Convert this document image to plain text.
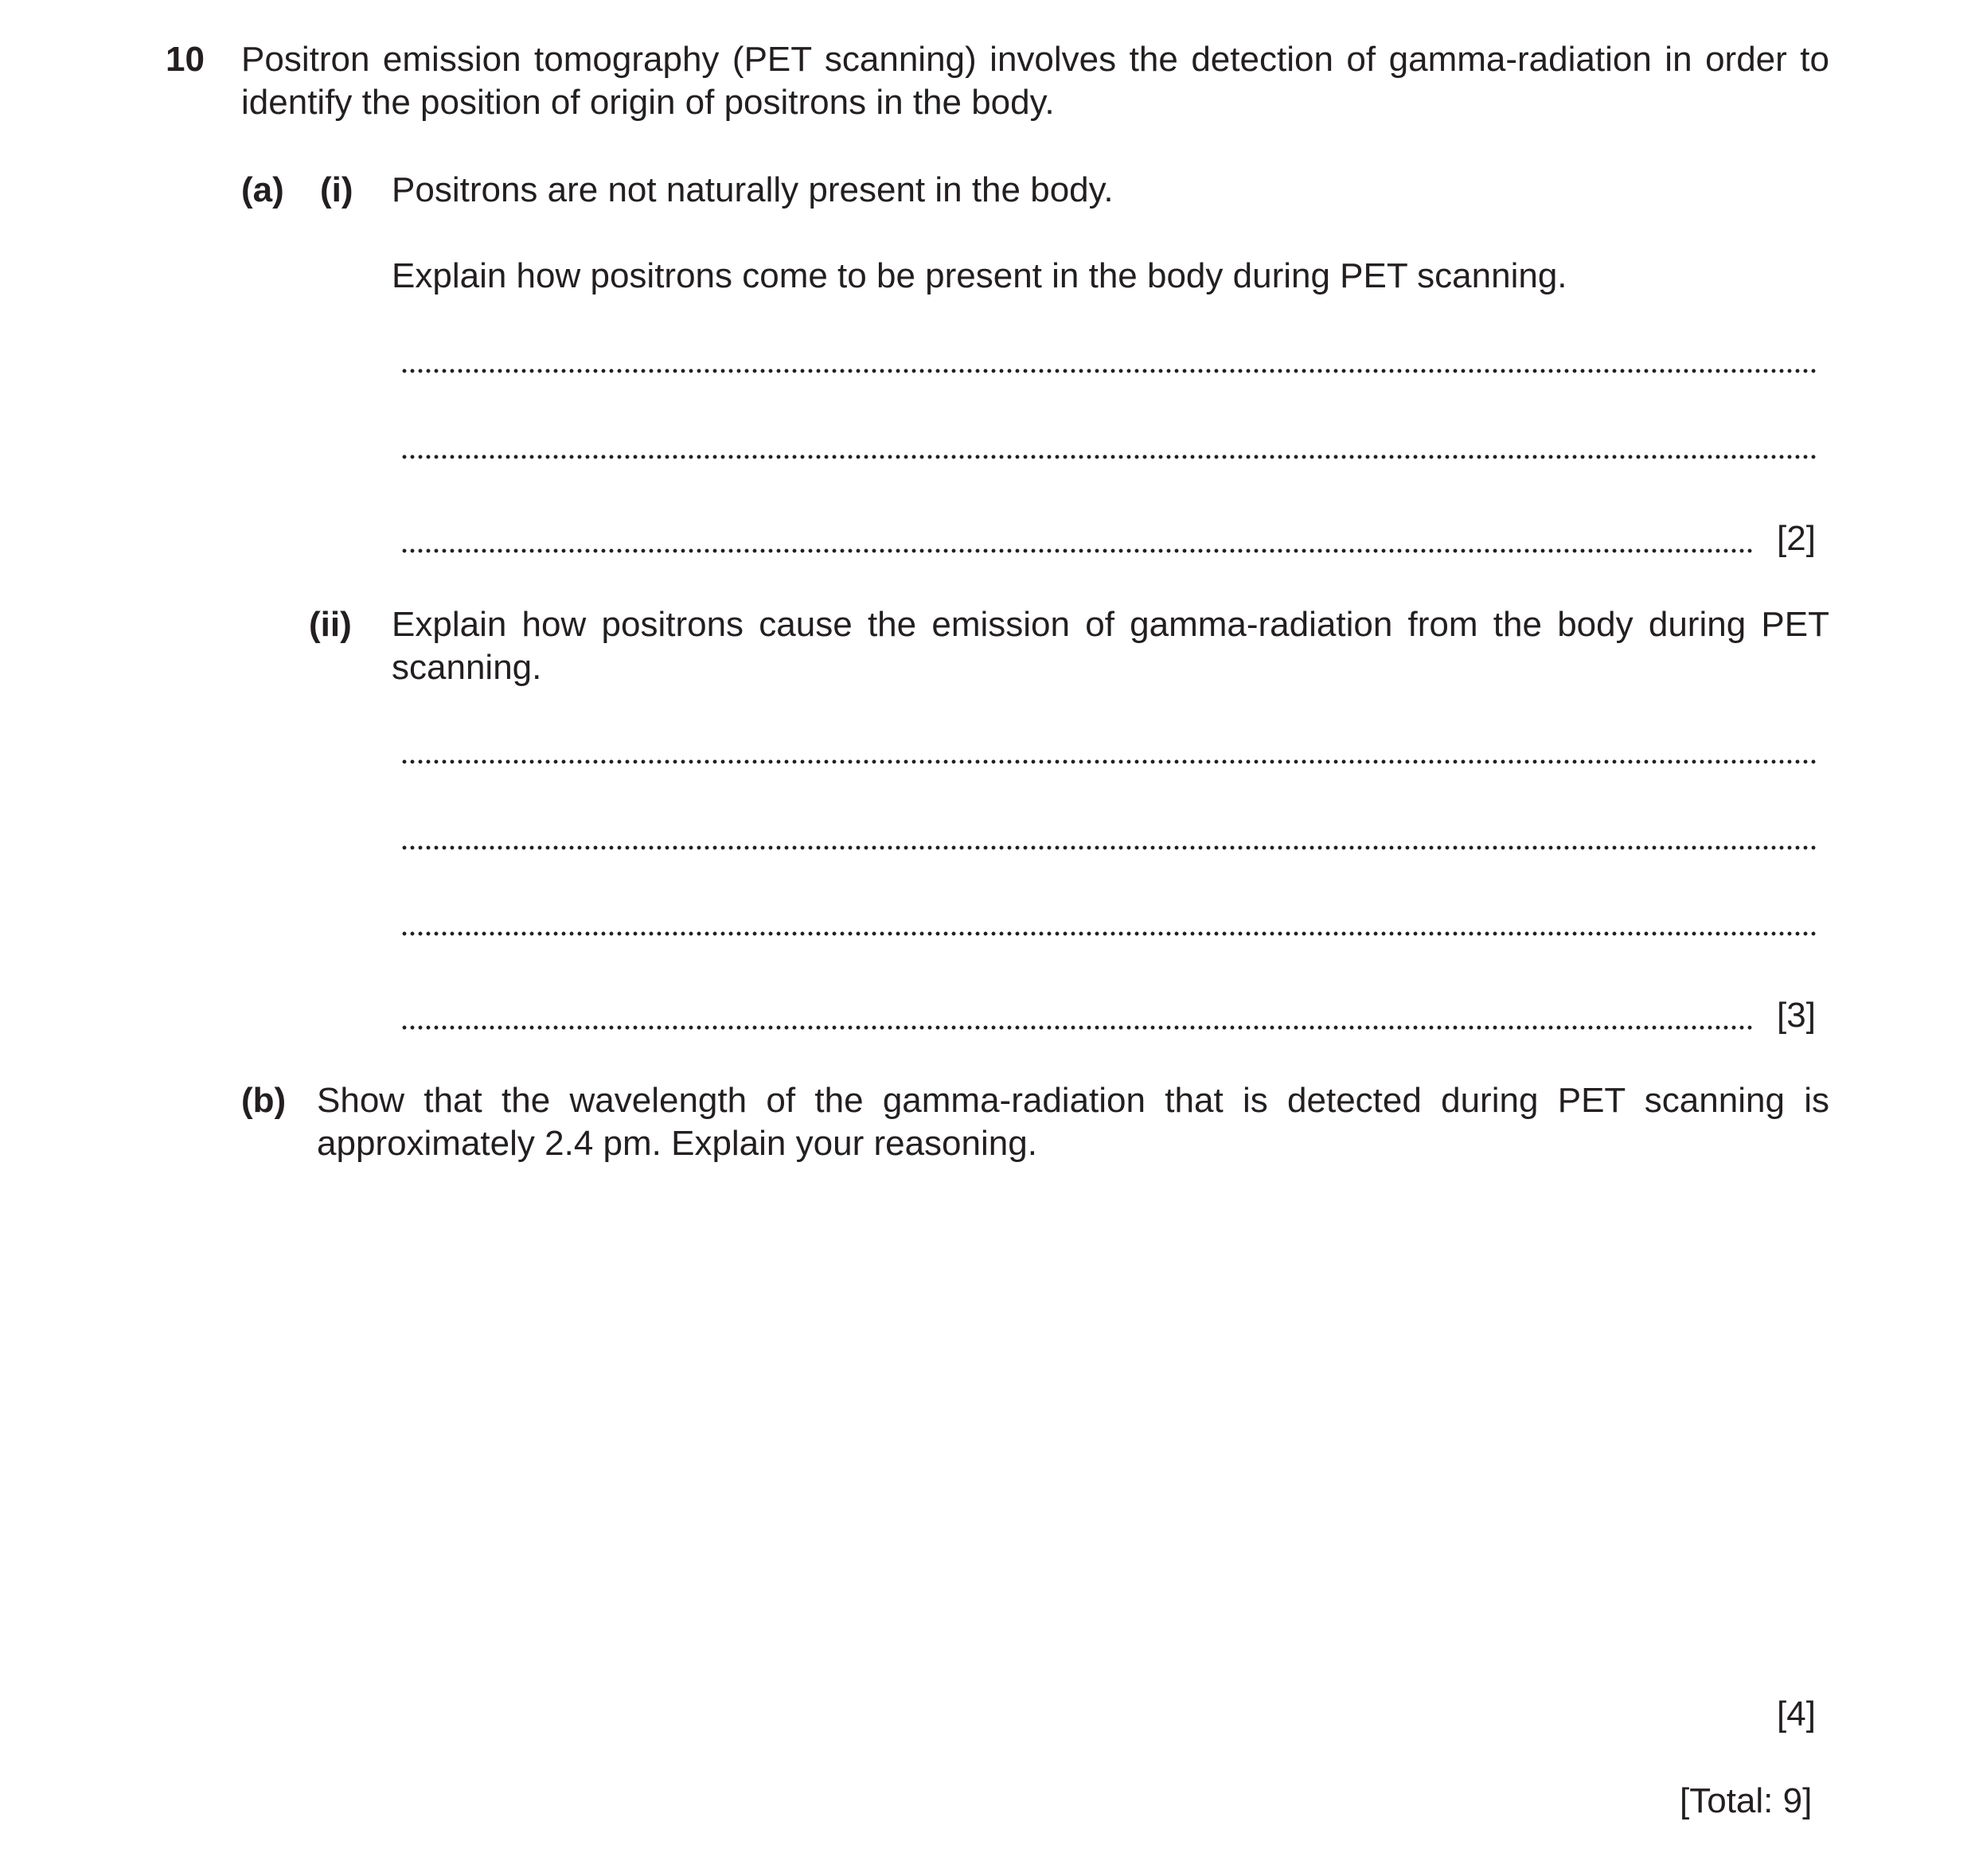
10 Positron emission tomography (PET scanning) involves the detection of gamma-radiation in order to identify the position of origin of positrons in the body.
(a) (i) Positrons are not naturally present in the body.
Explain how positrons come to be present in the body during PET scanning.
[2]
(ii) Explain how positrons cause the emission of gamma-radiation from the body during PET scanning.
[3]
(b) Show that the wavelength of the gamma-radiation that is detected during PET scanning is approximately 2.4 pm. Explain your reasoning.
[4]
[Total: 9]
